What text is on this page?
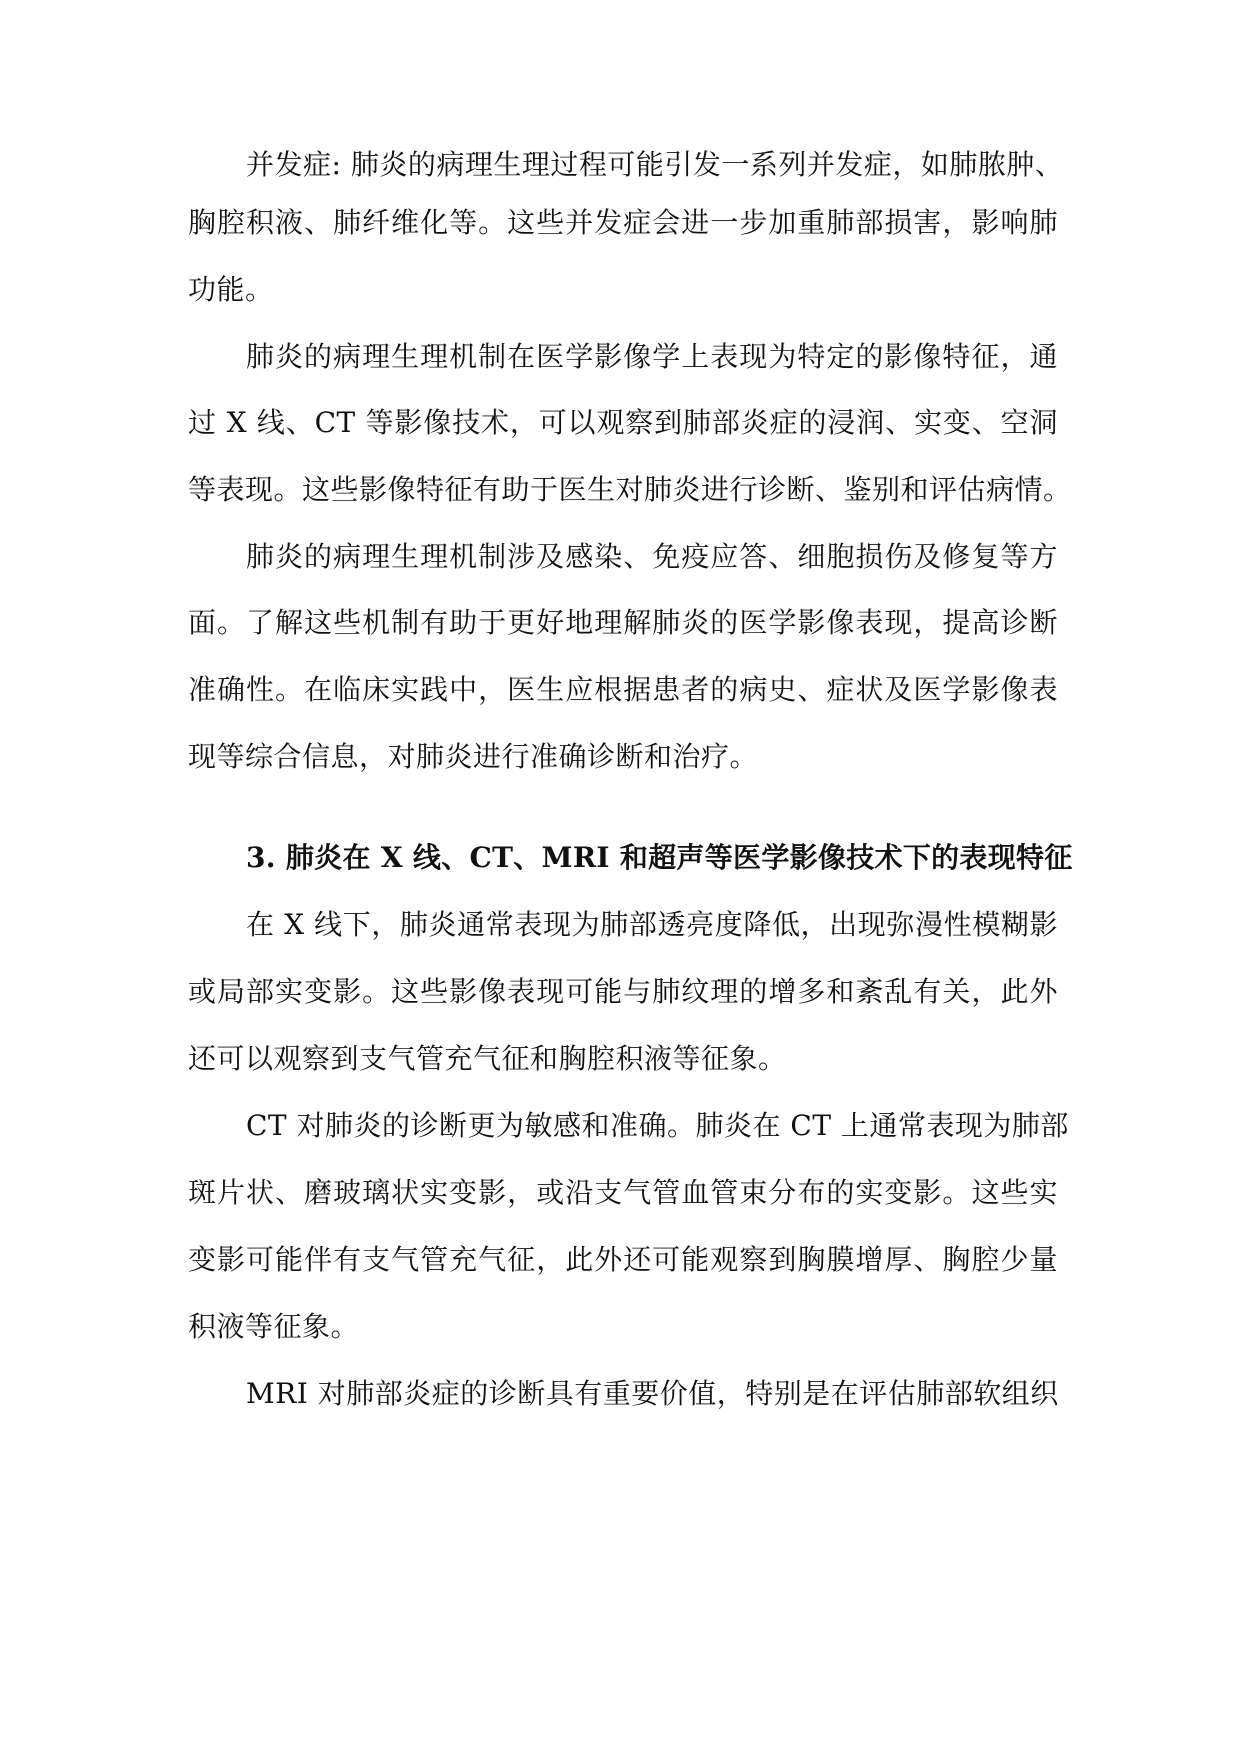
并发症: 肺炎的病理生理过程可能引发一系列并发症，如肺脓肿、
胸腔积液、肺纤维化等。这些并发症会进一步加重肺部损害，影响肺
功能。
肺炎的病理生理机制在医学影像学上表现为特定的影像特征，通
过 X 线、CT 等影像技术，可以观察到肺部炎症的浸润、实变、空洞
等表现。这些影像特征有助于医生对肺炎进行诊断、鉴别和评估病情。
肺炎的病理生理机制涉及感染、免疫应答、细胞损伤及修复等方
面。了解这些机制有助于更好地理解肺炎的医学影像表现，提高诊断
准确性。在临床实践中，医生应根据患者的病史、症状及医学影像表
现等综合信息，对肺炎进行准确诊断和治疗。
3. 肺炎在 X 线、CT、MRI 和超声等医学影像技术下的表现特征
在 X 线下，肺炎通常表现为肺部透亮度降低，出现弥漫性模糊影
或局部实变影。这些影像表现可能与肺纹理的增多和紊乱有关，此外
还可以观察到支气管充气征和胸腔积液等征象。
CT 对肺炎的诊断更为敏感和准确。肺炎在 CT 上通常表现为肺部
斑片状、磨玻璃状实变影，或沿支气管血管束分布的实变影。这些实
变影可能伴有支气管充气征，此外还可能观察到胸膜增厚、胸腔少量
积液等征象。
MRI 对肺部炎症的诊断具有重要价值，特别是在评估肺部软组织
